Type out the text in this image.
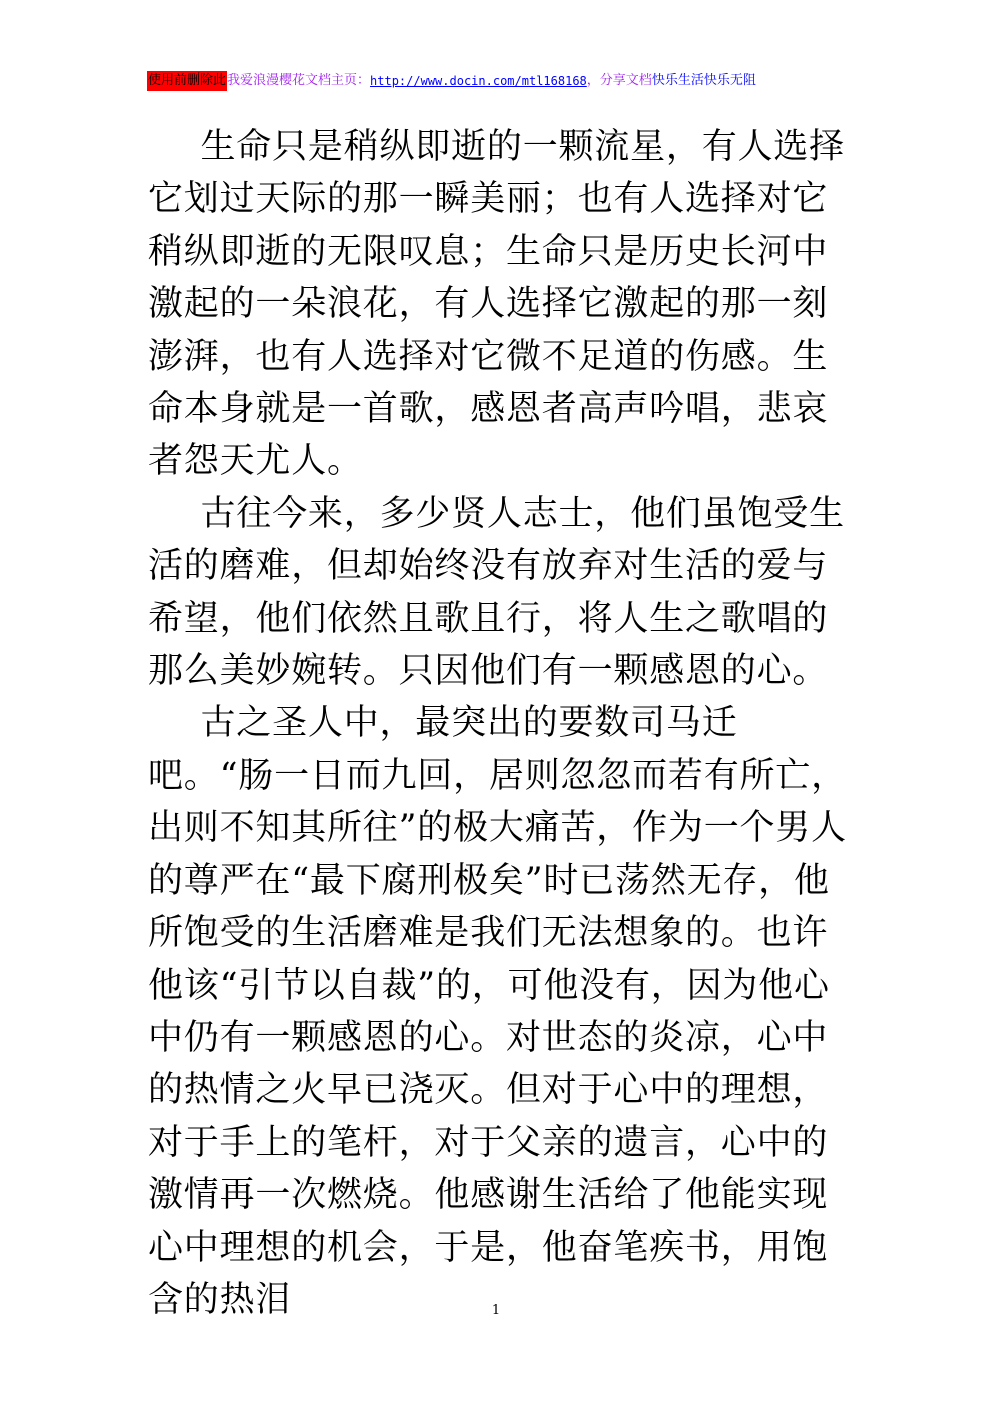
使用前删除此 我爱浪漫樱花文档主页： http://www.docin.com/mtl168168 ， 分享文档 快乐生活快乐无阻

生命只是稍纵即逝的一颗流星，有人选择它划过天际的那一瞬美丽；也有人选择对它稍纵即逝的无限叹息；生命只是历史长河中激起的一朵浪花，有人选择它激起的那一刻澎湃，也有人选择对它微不足道的伤感。生命本身就是一首歌，感恩者高声吟唱，悲哀者怨天尤人。

古往今来，多少贤人志士，他们虽饱受生活的磨难，但却始终没有放弃对生活的爱与希望，他们依然且歌且行，将人生之歌唱的那么美妙婉转。只因他们有一颗感恩的心。

古之圣人中，最突出的要数司马迁吧。“肠一日而九回，居则忽忽而若有所亡，出则不知其所往”的极大痛苦，作为一个男人的尊严在“最下腐刑极矣”时已荡然无存，他所饱受的生活磨难是我们无法想象的。也许他该“引节以自裁”的，可他没有，因为他心中仍有一颗感恩的心。对世态的炎凉，心中的热情之火早已浇灭。但对于心中的理想，对于手上的笔杆，对于父亲的遗言，心中的激情再一次燃烧。他感谢生活给了他能实现心中理想的机会，于是，他奋笔疾书，用饱含的热泪	1
